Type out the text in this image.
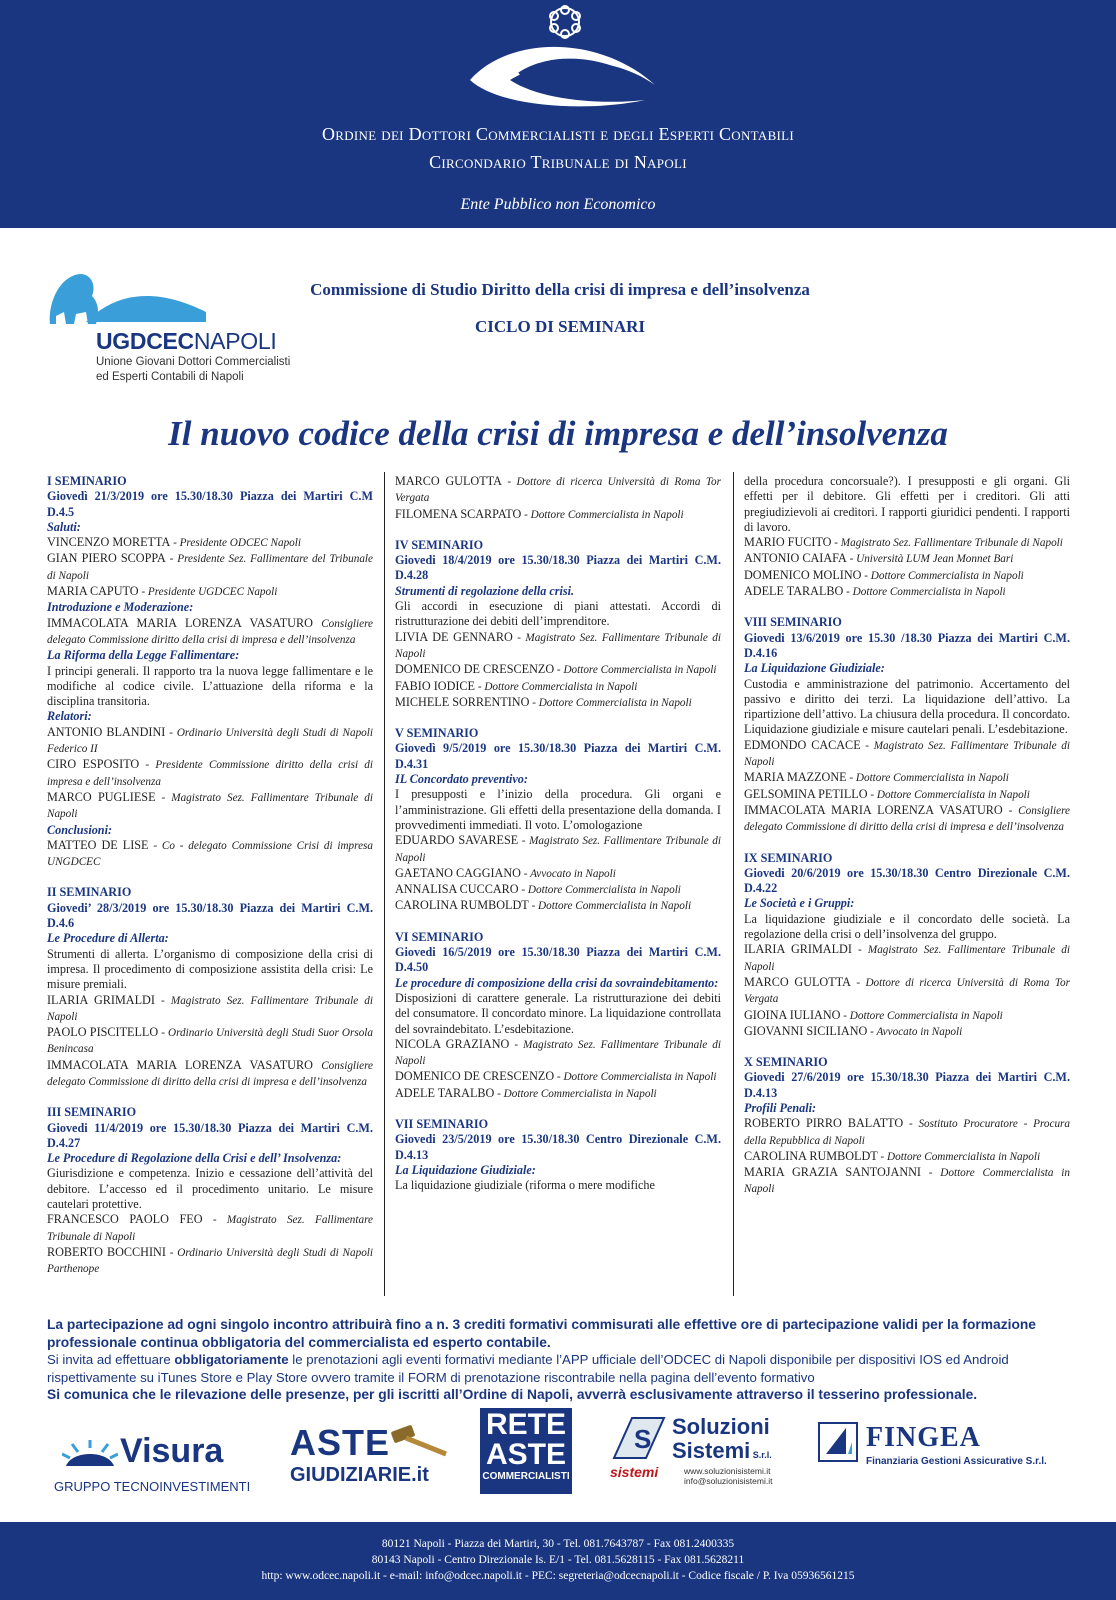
Ordine dei Dottori Commercialisti e degli Esperti Contabili
Circondario Tribunale di Napoli
Ente Pubblico non Economico
UGDCECNAPOLI
Unione Giovani Dottori Commercialisti
ed Esperti Contabili di Napoli
Commissione di Studio Diritto della crisi di impresa e dell’insolvenza
CICLO DI SEMINARI
Il nuovo codice della crisi di impresa e dell’insolvenza
I SEMINARIO
Giovedì 21/3/2019 ore 15.30/18.30 Piazza dei Martiri C.M D.4.5
Saluti:
VINCENZO MORETTA - Presidente ODCEC Napoli
GIAN PIERO SCOPPA - Presidente Sez. Fallimentare del Tribunale di Napoli
MARIA CAPUTO - Presidente UGDCEC Napoli
Introduzione e Moderazione:
IMMACOLATA MARIA LORENZA VASATURO Consigliere delegato Commissione diritto della crisi di impresa e dell’insolvenza
La Riforma della Legge Fallimentare:
I principi generali. Il rapporto tra la nuova legge fallimentare e le modifiche al codice civile. L’attuazione della riforma e la disciplina transitoria.
Relatori:
ANTONIO BLANDINI - Ordinario Università degli Studi di Napoli Federico II
CIRO ESPOSITO - Presidente Commissione diritto della crisi di impresa e dell’insolvenza
MARCO PUGLIESE - Magistrato Sez. Fallimentare Tribunale di Napoli
Conclusioni:
MATTEO DE LISE - Co - delegato Commissione Crisi di impresa UNGDCEC
II SEMINARIO
Giovedi’ 28/3/2019 ore 15.30/18.30 Piazza dei Martiri C.M. D.4.6
Le Procedure di Allerta:
Strumenti di allerta. L’organismo di composizione della crisi di impresa. Il procedimento di composizione assistita della crisi: Le misure premiali.
ILARIA GRIMALDI - Magistrato Sez. Fallimentare Tribunale di Napoli
PAOLO PISCITELLO - Ordinario Università degli Studi Suor Orsola Benincasa
IMMACOLATA MARIA LORENZA VASATURO Consigliere delegato Commissione di diritto della crisi di impresa e dell’insolvenza
III SEMINARIO
Giovedi 11/4/2019 ore 15.30/18.30 Piazza dei Martiri C.M. D.4.27
Le Procedure di Regolazione della Crisi e dell’ Insolvenza:
Giurisdizione e competenza. Inizio e cessazione dell’attività del debitore. L’accesso ed il procedimento unitario. Le misure cautelari protettive.
FRANCESCO PAOLO FEO - Magistrato Sez. Fallimentare Tribunale di Napoli
ROBERTO BOCCHINI - Ordinario Università degli Studi di Napoli Parthenope
MARCO GULOTTA - Dottore di ricerca Università di Roma Tor Vergata
FILOMENA SCARPATO - Dottore Commercialista in Napoli
IV SEMINARIO
Giovedi 18/4/2019 ore 15.30/18.30 Piazza dei Martiri C.M. D.4.28
Strumenti di regolazione della crisi.
Gli accordi in esecuzione di piani attestati. Accordi di ristrutturazione dei debiti dell’imprenditore.
LIVIA DE GENNARO - Magistrato Sez. Fallimentare Tribunale di Napoli
DOMENICO DE CRESCENZO - Dottore Commercialista in Napoli
FABIO IODICE - Dottore Commercialista in Napoli
MICHELE SORRENTINO - Dottore Commercialista in Napoli
V SEMINARIO
Giovedì 9/5/2019 ore 15.30/18.30 Piazza dei Martiri C.M. D.4.31
IL Concordato preventivo:
I presupposti e l’inizio della procedura. Gli organi e l’amministrazione. Gli effetti della presentazione della domanda. I provvedimenti immediati. Il voto. L’omologazione
EDUARDO SAVARESE - Magistrato Sez. Fallimentare Tribunale di Napoli
GAETANO CAGGIANO - Avvocato in Napoli
ANNALISA CUCCARO - Dottore Commercialista in Napoli
CAROLINA RUMBOLDT - Dottore Commercialista in Napoli
VI SEMINARIO
Giovedi 16/5/2019 ore 15.30/18.30 Piazza dei Martiri C.M. D.4.50
Le procedure di composizione della crisi da sovraindebitamento:
Disposizioni di carattere generale. La ristrutturazione dei debiti del consumatore. Il concordato minore. La liquidazione controllata del sovraindebitato. L’esdebitazione.
NICOLA GRAZIANO - Magistrato Sez. Fallimentare Tribunale di Napoli
DOMENICO DE CRESCENZO - Dottore Commercialista in Napoli
ADELE TARALBO - Dottore Commercialista in Napoli
VII SEMINARIO
Giovedi 23/5/2019 ore 15.30/18.30 Centro Direzionale C.M. D.4.13
La Liquidazione Giudiziale:
La liquidazione giudiziale (riforma o mere modifiche
della procedura concorsuale?). I presupposti e gli organi. Gli effetti per il debitore. Gli effetti per i creditori. Gli atti pregiudizievoli ai creditori. I rapporti giuridici pendenti. I rapporti di lavoro.
MARIO FUCITO - Magistrato Sez. Fallimentare Tribunale di Napoli
ANTONIO CAIAFA - Università LUM Jean Monnet Bari
DOMENICO MOLINO - Dottore Commercialista in Napoli
ADELE TARALBO - Dottore Commercialista in Napoli
VIII SEMINARIO
Giovedi 13/6/2019 ore 15.30 /18.30 Piazza dei Martiri C.M. D.4.16
La Liquidazione Giudiziale:
Custodia e amministrazione del patrimonio. Accertamento del passivo e diritto dei terzi. La liquidazione dell’attivo. La ripartizione dell’attivo. La chiusura della procedura. Il concordato. Liquidazione giudiziale e misure cautelari penali. L’esdebitazione.
EDMONDO CACACE - Magistrato Sez. Fallimentare Tribunale di Napoli
MARIA MAZZONE - Dottore Commercialista in Napoli
GELSOMINA PETILLO - Dottore Commercialista in Napoli
IMMACOLATA MARIA LORENZA VASATURO - Consigliere delegato Commissione di diritto della crisi di impresa e dell’insolvenza
IX SEMINARIO
Giovedi 20/6/2019 ore 15.30/18.30 Centro Direzionale C.M. D.4.22
Le Società e i Gruppi:
La liquidazione giudiziale e il concordato delle società. La regolazione della crisi o dell’insolvenza del gruppo.
ILARIA GRIMALDI - Magistrato Sez. Fallimentare Tribunale di Napoli
MARCO GULOTTA - Dottore di ricerca Università di Roma Tor Vergata
GIOINA IULIANO - Dottore Commercialista in Napoli
GIOVANNI SICILIANO - Avvocato in Napoli
X SEMINARIO
Giovedi 27/6/2019 ore 15.30/18.30 Piazza dei Martiri C.M. D.4.13
Profili Penali:
ROBERTO PIRRO BALATTO - Sostituto Procuratore - Procura della Repubblica di Napoli
CAROLINA RUMBOLDT - Dottore Commercialista in Napoli
MARIA GRAZIA SANTOJANNI - Dottore Commercialista in Napoli
La partecipazione ad ogni singolo incontro attribuirà fino a n. 3 crediti formativi commisurati alle effettive ore di partecipazione validi per la formazione professionale continua obbligatoria del commercialista ed esperto contabile.
Si invita ad effettuare obbligatoriamente le prenotazioni agli eventi formativi mediante l’APP ufficiale dell’ODCEC di Napoli disponibile per dispositivi IOS ed Android rispettivamente su iTunes Store e Play Store ovvero tramite il FORM di prenotazione riscontrabile nella pagina dell’evento formativo
Si comunica che le rilevazione delle presenze, per gli iscritti all’Ordine di Napoli, avverrà esclusivamente attraverso il tesserino professionale.
Visura
GRUPPO TECNOINVESTIMENTI
ASTE
GIUDIZIARIE.it
RETE
ASTE
COMMERCIALISTI
S Soluzioni
Sistemi S.r.l.
sistemi	www.soluzionisistemi.it
info@soluzionisistemi.it
FINGEA
Finanziaria Gestioni Assicurative S.r.l.
80121 Napoli - Piazza dei Martiri, 30 - Tel. 081.7643787 - Fax 081.2400335
80143 Napoli - Centro Direzionale Is. E/1 - Tel. 081.5628115 - Fax 081.5628211
http: www.odcec.napoli.it - e-mail: info@odcec.napoli.it - PEC: segreteria@odcecnapoli.it - Codice fiscale / P. Iva 05936561215
